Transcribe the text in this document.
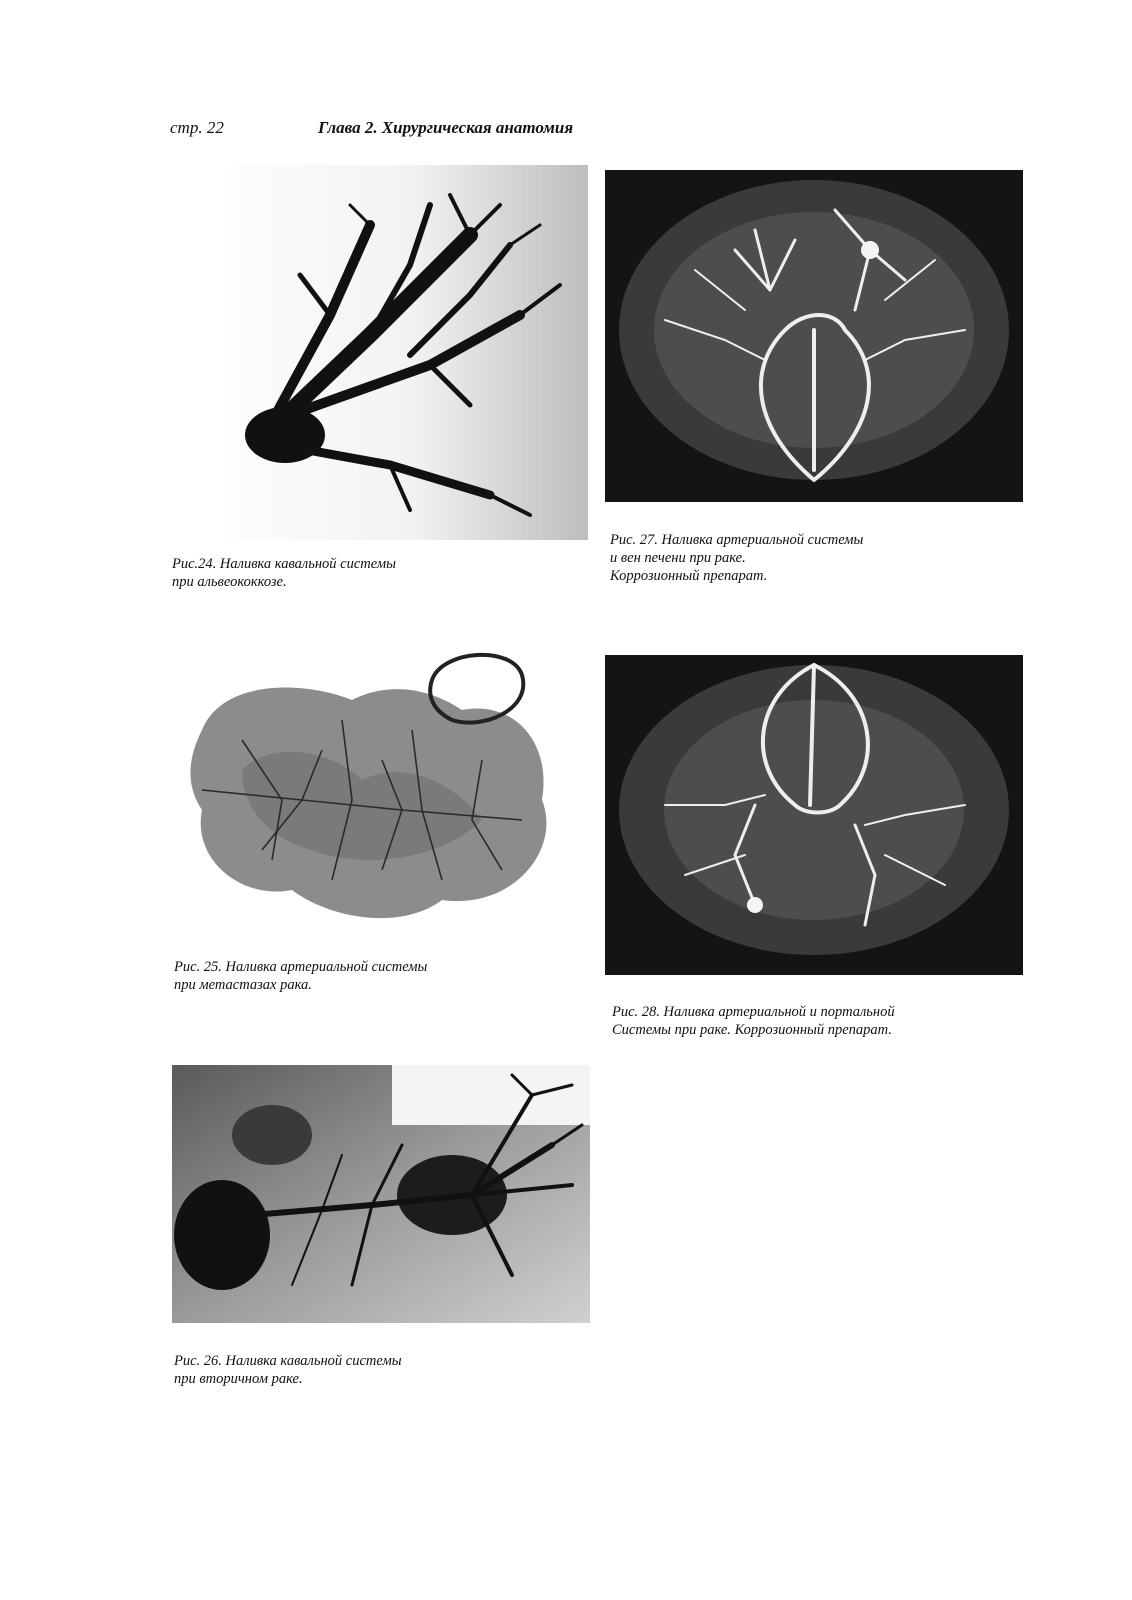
стр. 22	Глава 2. Хирургическая анатомия
Рис.24. Наливка кавальной системы
при альвеококкозе.
Рис. 27. Наливка артериальной системы
и вен печени при раке.
Коррозионный препарат.
Рис. 25. Наливка артериальной системы
при метастазах рака.
Рис. 28. Наливка артериальной и портальной
Системы при раке. Коррозионный препарат.
Рис. 26. Наливка кавальной системы
при вторичном раке.
